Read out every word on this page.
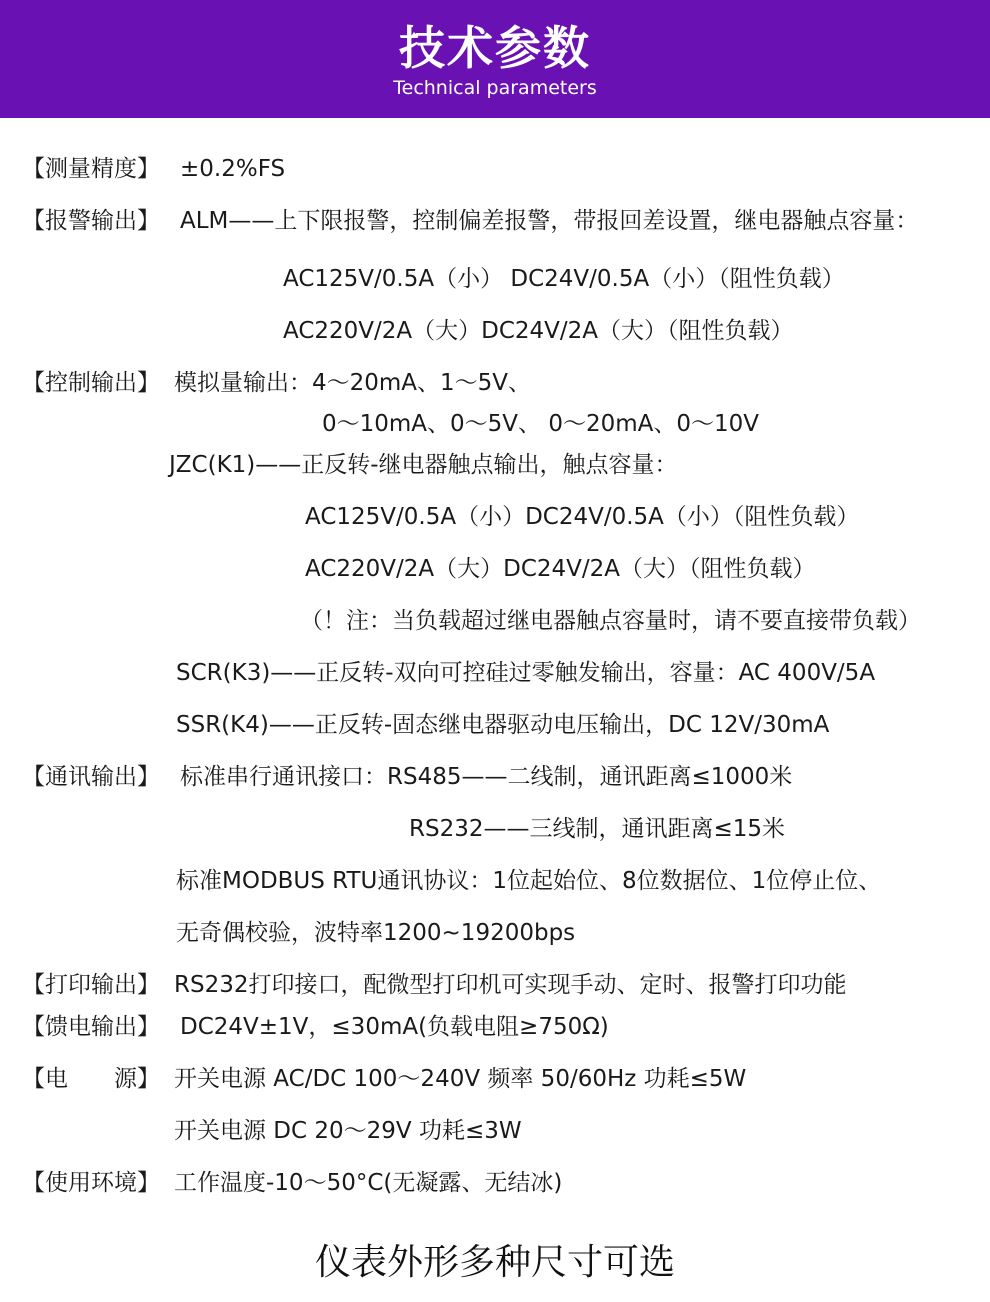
技术参数
Technical parameters
【测量精度】 ±0.2%FS
【报警输出】 ALM——上下限报警，控制偏差报警，带报回差设置，继电器触点容量：
AC125V/0.5A（小） DC24V/0.5A（小）（阻性负载）
AC220V/2A（大）DC24V/2A（大）（阻性负载）
【控制输出】 模拟量输出：4～20mA、1～5V、
0～10mA、0～5V、 0～20mA、0～10V
JZC(K1)——正反转-继电器触点输出，触点容量：
AC125V/0.5A（小）DC24V/0.5A（小）（阻性负载）
AC220V/2A（大）DC24V/2A（大）（阻性负载）
（！注：当负载超过继电器触点容量时，请不要直接带负载）
SCR(K3)——正反转-双向可控硅过零触发输出，容量：AC 400V/5A
SSR(K4)——正反转-固态继电器驱动电压输出，DC 12V/30mA
【通讯输出】 标准串行通讯接口：RS485——二线制，通讯距离≤1000米
RS232——三线制，通讯距离≤15米
标准MODBUS RTU通讯协议：1位起始位、8位数据位、1位停止位、
无奇偶校验，波特率1200~19200bps
【打印输出】 RS232打印接口，配微型打印机可实现手动、定时、报警打印功能
【馈电输出】 DC24V±1V，≤30mA(负载电阻≥750Ω)
【电　　源】 开关电源 AC/DC 100～240V 频率 50/60Hz 功耗≤5W
开关电源 DC 20～29V 功耗≤3W
【使用环境】 工作温度-10～50°C(无凝露、无结冰)
仪表外形多种尺寸可选
